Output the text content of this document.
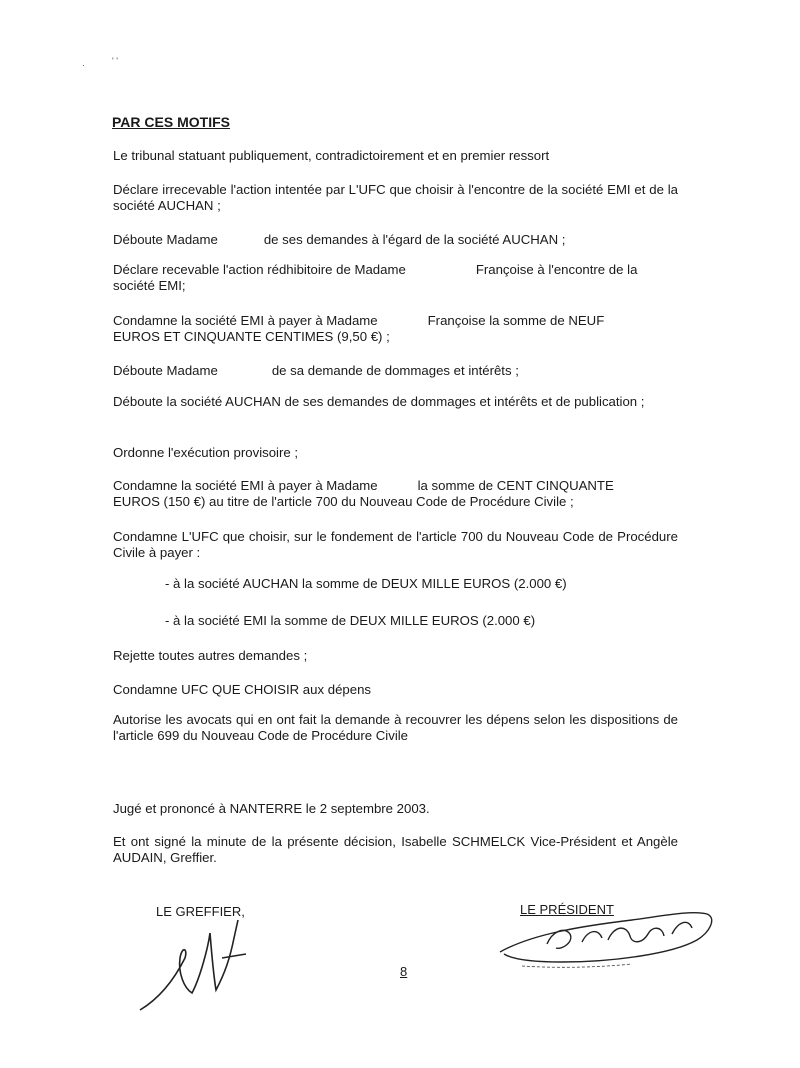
·	' '

PAR CES MOTIFS

Le tribunal statuant publiquement, contradictoirement et en premier ressort

Déclare irrecevable l'action intentée par L'UFC que choisir à l'encontre de la société EMI et de la société AUCHAN ;

Déboute Madame	de ses demandes à l'égard de la société AUCHAN ;

Déclare recevable l'action rédhibitoire de Madame	Françoise à l'encontre de la
société EMI;

Condamne la société EMI à payer à Madame	Françoise la somme de NEUF
EUROS ET CINQUANTE CENTIMES (9,50 €) ;

Déboute Madame	de sa demande de dommages et intérêts ;

Déboute la société AUCHAN de ses demandes de dommages et intérêts et de publication ;

Ordonne l'exécution provisoire ;

Condamne la société EMI à payer à Madame	la somme de CENT CINQUANTE
EUROS (150 €) au titre de l'article 700 du Nouveau Code de Procédure Civile ;

Condamne L'UFC que choisir, sur le fondement de l'article 700 du Nouveau Code de Procédure Civile à payer :

- à la société AUCHAN la somme de DEUX MILLE EUROS (2.000 €)

- à la société EMI la somme de DEUX MILLE EUROS (2.000 €)

Rejette toutes autres demandes ;

Condamne UFC QUE CHOISIR aux dépens

Autorise les avocats qui en ont fait la demande à recouvrer les dépens selon les dispositions de l'article 699 du Nouveau Code de Procédure Civile

Jugé et prononcé à NANTERRE le 2 septembre 2003.

Et ont signé la minute de la présente décision, Isabelle SCHMELCK Vice-Président et Angèle AUDAIN, Greffier.

LE GREFFIER,	LE PRÉSIDENT

8
